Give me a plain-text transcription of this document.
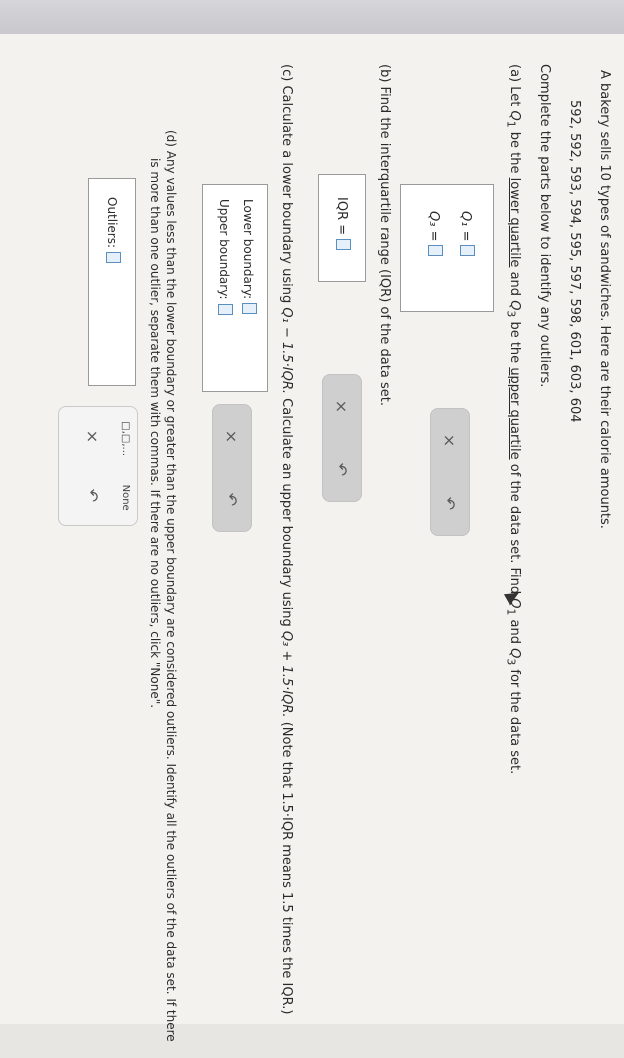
A bakery sells 10 types of sandwiches. Here are their calorie amounts.
592, 592, 593, 594, 595, 597, 598, 601, 603, 604
Complete the parts below to identify any outliers.
(a) Let $Q_1$ be the lower quartile and $Q_3$ be the upper quartile of the data set. Find $Q_1$ and $Q_3$ for the data set.
Q₁ =
Q₃ =
×
↶
(b) Find the interquartile range (IQR) of the data set.
IQR =
×
↶
(c) Calculate a lower boundary using Q₁ − 1.5·IQR. Calculate an upper boundary using Q₃ + 1.5·IQR. (Note that 1.5·IQR means 1.5 times the IQR.)
Lower boundary:
Upper boundary:
×
↶
(d) Any values less than the lower boundary or greater than the upper boundary are considered outliers. Identify all the outliers of the data set. If there
is more than one outlier, separate them with commas. If there are no outliers, click "None".
Outliers:
□,□,...
None
×
↶
